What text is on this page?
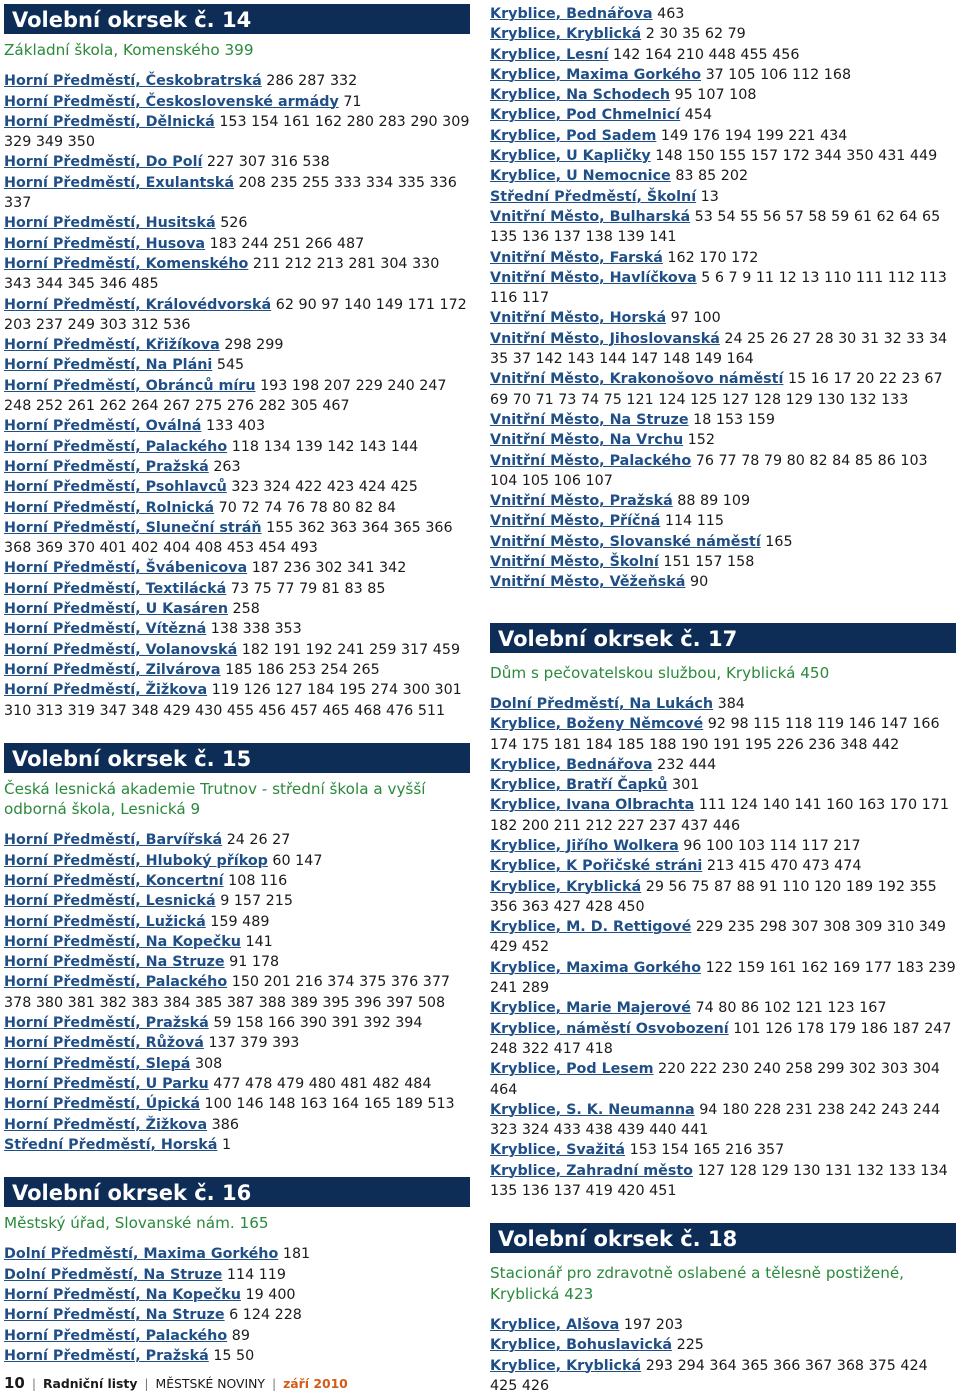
Volební okrsek č. 14

Základní škola, Komenského 399

Horní Předměstí, Českobratrská 286 287 332
Horní Předměstí, Československé armády 71
Horní Předměstí, Dělnická 153 154 161 162 280 283 290 309 329 349 350
Horní Předměstí, Do Polí 227 307 316 538
Horní Předměstí, Exulantská 208 235 255 333 334 335 336 337
Horní Předměstí, Husitská 526
Horní Předměstí, Husova 183 244 251 266 487
Horní Předměstí, Komenského 211 212 213 281 304 330 343 344 345 346 485
Horní Předměstí, Královédvorská 62 90 97 140 149 171 172 203 237 249 303 312 536
Horní Předměstí, Křižíkova 298 299
Horní Předměstí, Na Pláni 545
Horní Předměstí, Obránců míru 193 198 207 229 240 247 248 252 261 262 264 267 275 276 282 305 467
Horní Předměstí, Oválná 133 403
Horní Předměstí, Palackého 118 134 139 142 143 144
Horní Předměstí, Pražská 263
Horní Předměstí, Psohlavců 323 324 422 423 424 425
Horní Předměstí, Rolnická 70 72 74 76 78 80 82 84
Horní Předměstí, Sluneční stráň 155 362 363 364 365 366 368 369 370 401 402 404 408 453 454 493
Horní Předměstí, Švábenicova 187 236 302 341 342
Horní Předměstí, Textilácká 73 75 77 79 81 83 85
Horní Předměstí, U Kasáren 258
Horní Předměstí, Vítězná 138 338 353
Horní Předměstí, Volanovská 182 191 192 241 259 317 459
Horní Předměstí, Zilvárova 185 186 253 254 265
Horní Předměstí, Žižkova 119 126 127 184 195 274 300 301 310 313 319 347 348 429 430 455 456 457 465 468 476 511
Volební okrsek č. 15

Česká lesnická akademie Trutnov - střední škola a vyšší odborná škola, Lesnická 9

Horní Předměstí, Barvířská 24 26 27
Horní Předměstí, Hluboký příkop 60 147
Horní Předměstí, Koncertní 108 116
Horní Předměstí, Lesnická 9 157 215
Horní Předměstí, Lužická 159 489
Horní Předměstí, Na Kopečku 141
Horní Předměstí, Na Struze 91 178
Horní Předměstí, Palackého 150 201 216 374 375 376 377 378 380 381 382 383 384 385 387 388 389 395 396 397 508
Horní Předměstí, Pražská 59 158 166 390 391 392 394
Horní Předměstí, Růžová 137 379 393
Horní Předměstí, Slepá 308
Horní Předměstí, U Parku 477 478 479 480 481 482 484
Horní Předměstí, Úpická 100 146 148 163 164 165 189 513
Horní Předměstí, Žižkova 386
Střední Předměstí, Horská 1
Volební okrsek č. 16

Městský úřad, Slovanské nám. 165

Dolní Předměstí, Maxima Gorkého 181
Dolní Předměstí, Na Struze 114 119
Horní Předměstí, Na Kopečku 19 400
Horní Předměstí, Na Struze 6 124 228
Horní Předměstí, Palackého 89
Horní Předměstí, Pražská 15 50
Kryblice, Bednářova 463
Kryblice, Kryblická 2 30 35 62 79
Kryblice, Lesní 142 164 210 448 455 456
Kryblice, Maxima Gorkého 37 105 106 112 168
Kryblice, Na Schodech 95 107 108
Kryblice, Pod Chmelnicí 454
Kryblice, Pod Sadem 149 176 194 199 221 434
Kryblice, U Kapličky 148 150 155 157 172 344 350 431 449
Kryblice, U Nemocnice 83 85 202
Střední Předměstí, Školní 13
Vnitřní Město, Bulharská 53 54 55 56 57 58 59 61 62 64 65 135 136 137 138 139 141
Vnitřní Město, Farská 162 170 172
Vnitřní Město, Havlíčkova 5 6 7 9 11 12 13 110 111 112 113 116 117
Vnitřní Město, Horská 97 100
Vnitřní Město, Jihoslovanská 24 25 26 27 28 30 31 32 33 34 35 37 142 143 144 147 148 149 164
Vnitřní Město, Krakonošovo náměstí 15 16 17 20 22 23 67 69 70 71 73 74 75 121 124 125 127 128 129 130 132 133
Vnitřní Město, Na Struze 18 153 159
Vnitřní Město, Na Vrchu 152
Vnitřní Město, Palackého 76 77 78 79 80 82 84 85 86 103 104 105 106 107
Vnitřní Město, Pražská 88 89 109
Vnitřní Město, Příčná 114 115
Vnitřní Město, Slovanské náměstí 165
Vnitřní Město, Školní 151 157 158
Vnitřní Město, Věžeňská 90
Volební okrsek č. 17

Dům s pečovatelskou službou, Kryblická 450

Dolní Předměstí, Na Lukách 384
Kryblice, Boženy Němcové 92 98 115 118 119 146 147 166 174 175 181 184 185 188 190 191 195 226 236 348 442
Kryblice, Bednářova 232 444
Kryblice, Bratří Čapků 301
Kryblice, Ivana Olbrachta 111 124 140 141 160 163 170 171 182 200 211 212 227 237 437 446
Kryblice, Jiřího Wolkera 96 100 103 114 117 217
Kryblice, K Pořičské stráni 213 415 470 473 474
Kryblice, Kryblická 29 56 75 87 88 91 110 120 189 192 355 356 363 427 428 450
Kryblice, M. D. Rettigové 229 235 298 307 308 309 310 349 429 452
Kryblice, Maxima Gorkého 122 159 161 162 169 177 183 239 241 289
Kryblice, Marie Majerové 74 80 86 102 121 123 167
Kryblice, náměstí Osvobození 101 126 178 179 186 187 247 248 322 417 418
Kryblice, Pod Lesem 220 222 230 240 258 299 302 303 304 464
Kryblice, S. K. Neumanna 94 180 228 231 238 242 243 244 323 324 433 438 439 440 441
Kryblice, Svažitá 153 154 165 216 357
Kryblice, Zahradní město 127 128 129 130 131 132 133 134 135 136 137 419 420 451
Volební okrsek č. 18

Stacionář pro zdravotně oslabené a tělesně postižené, Kryblická 423

Kryblice, Alšova 197 203
Kryblice, Bohuslavická 225
Kryblice, Kryblická 293 294 364 365 366 367 368 375 424 425 426
10 | Radniční listy | MĚSTSKÉ NOVINY | září 2010
